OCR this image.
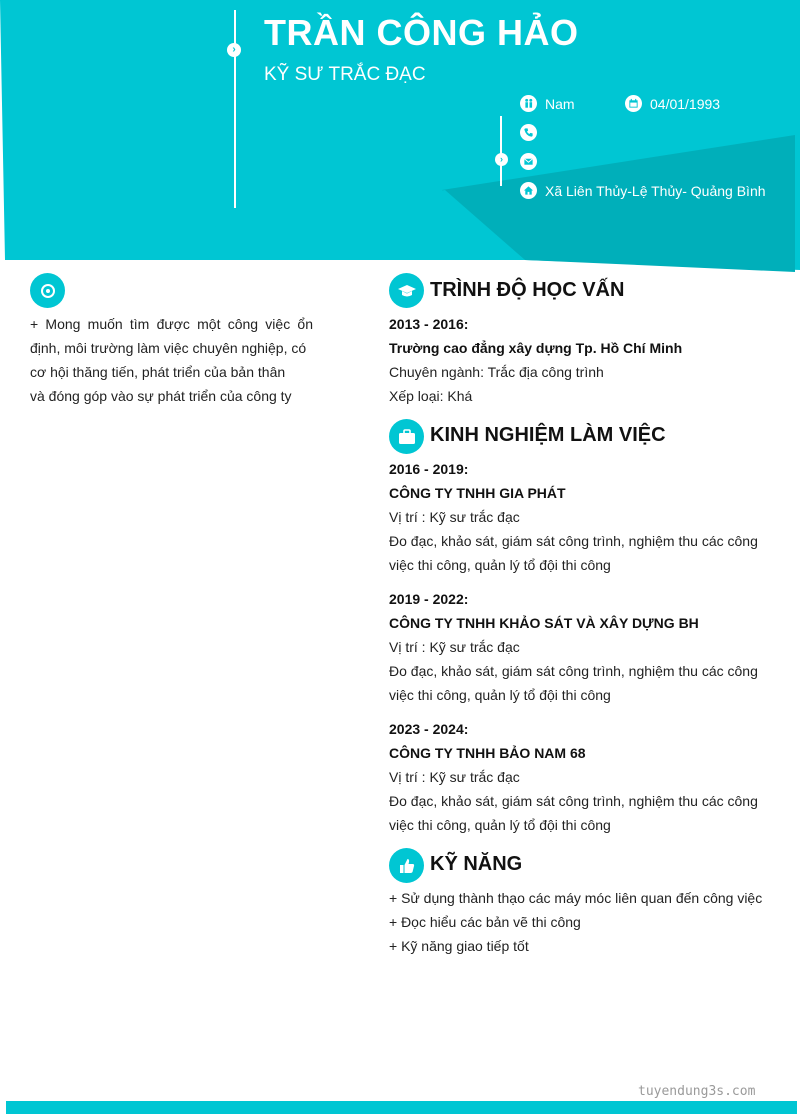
› TRẦN CÔNG HẢO
KỸ SƯ TRẮC ĐẠC
›
Nam	04/01/1993
Xã Liên Thủy-Lệ Thủy- Quảng Bình

+ Mong muốn tìm được một công việc ổn định, môi trường làm việc chuyên nghiệp, có

cơ hội thăng tiến, phát triển của bản thân

và đóng góp vào sự phát triển của công ty

TRÌNH ĐỘ HỌC VẤN
2013 - 2016:
Trường cao đẳng xây dựng Tp. Hồ Chí Minh
Chuyên ngành: Trắc địa công trình
Xếp loại: Khá
KINH NGHIỆM LÀM VIỆC
2016 - 2019:
CÔNG TY TNHH GIA PHÁT
Vị trí : Kỹ sư trắc đạc
Đo đạc, khảo sát, giám sát công trình, nghiệm thu các công
việc thi công, quản lý tổ đội thi công
2019 - 2022:
CÔNG TY TNHH KHẢO SÁT VÀ XÂY DỰNG BH
Vị trí : Kỹ sư trắc đạc
Đo đạc, khảo sát, giám sát công trình, nghiệm thu các công
việc thi công, quản lý tổ đội thi công
2023 - 2024:
CÔNG TY TNHH BẢO NAM 68
Vị trí : Kỹ sư trắc đạc
Đo đạc, khảo sát, giám sát công trình, nghiệm thu các công
việc thi công, quản lý tổ đội thi công
KỸ NĂNG
+ Sử dụng thành thạo các máy móc liên quan đến công việc
+ Đọc hiểu các bản vẽ thi công
+ Kỹ năng giao tiếp tốt
tuyendung3s.com
